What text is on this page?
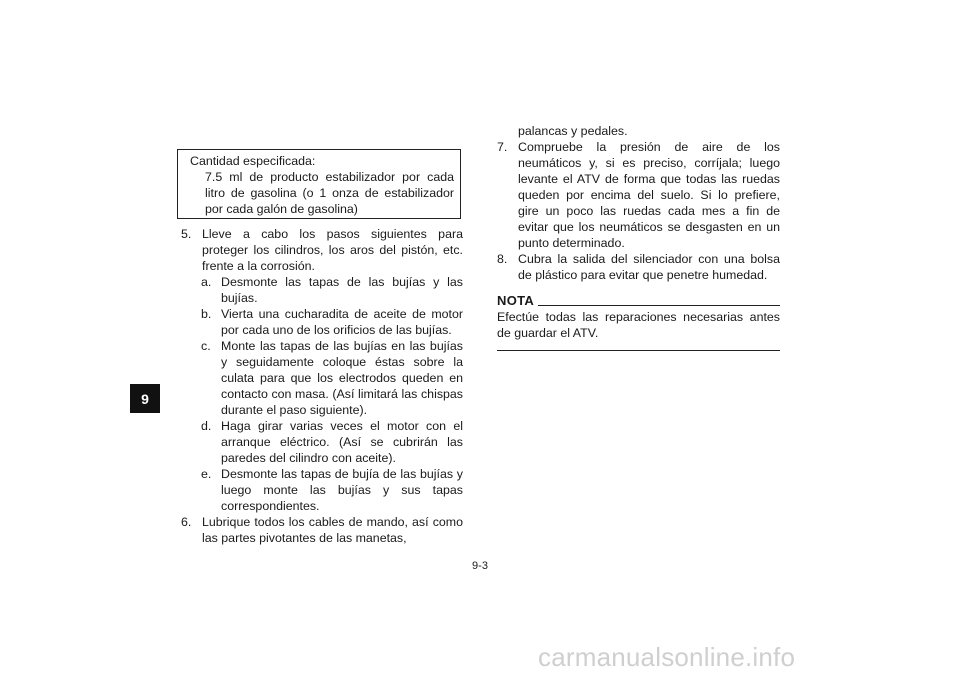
9
Cantidad especificada:
7.5 ml de producto estabilizador por cada litro de gasolina (o 1 onza de estabilizador por cada galón de gasolina)
5. Lleve a cabo los pasos siguientes para proteger los cilindros, los aros del pistón, etc. frente a la corrosión.
a. Desmonte las tapas de las bujías y las bujías.
b. Vierta una cucharadita de aceite de motor por cada uno de los orificios de las bujías.
c. Monte las tapas de las bujías en las bujías y seguidamente coloque éstas sobre la culata para que los electrodos queden en contacto con masa. (Así limitará las chispas durante el paso siguiente).
d. Haga girar varias veces el motor con el arranque eléctrico. (Así se cubrirán las paredes del cilindro con aceite).
e. Desmonte las tapas de bujía de las bujías y luego monte las bujías y sus tapas correspondientes.
6. Lubrique todos los cables de mando, así como las partes pivotantes de las manetas,
palancas y pedales.
7. Compruebe la presión de aire de los neumáticos y, si es preciso, corríjala; luego levante el ATV de forma que todas las ruedas queden por encima del suelo. Si lo prefiere, gire un poco las ruedas cada mes a fin de evitar que los neumáticos se desgasten en un punto determinado.
8. Cubra la salida del silenciador con una bolsa de plástico para evitar que penetre humedad.
NOTA
Efectúe todas las reparaciones necesarias antes de guardar el ATV.
9-3
carmanualsonline.info
